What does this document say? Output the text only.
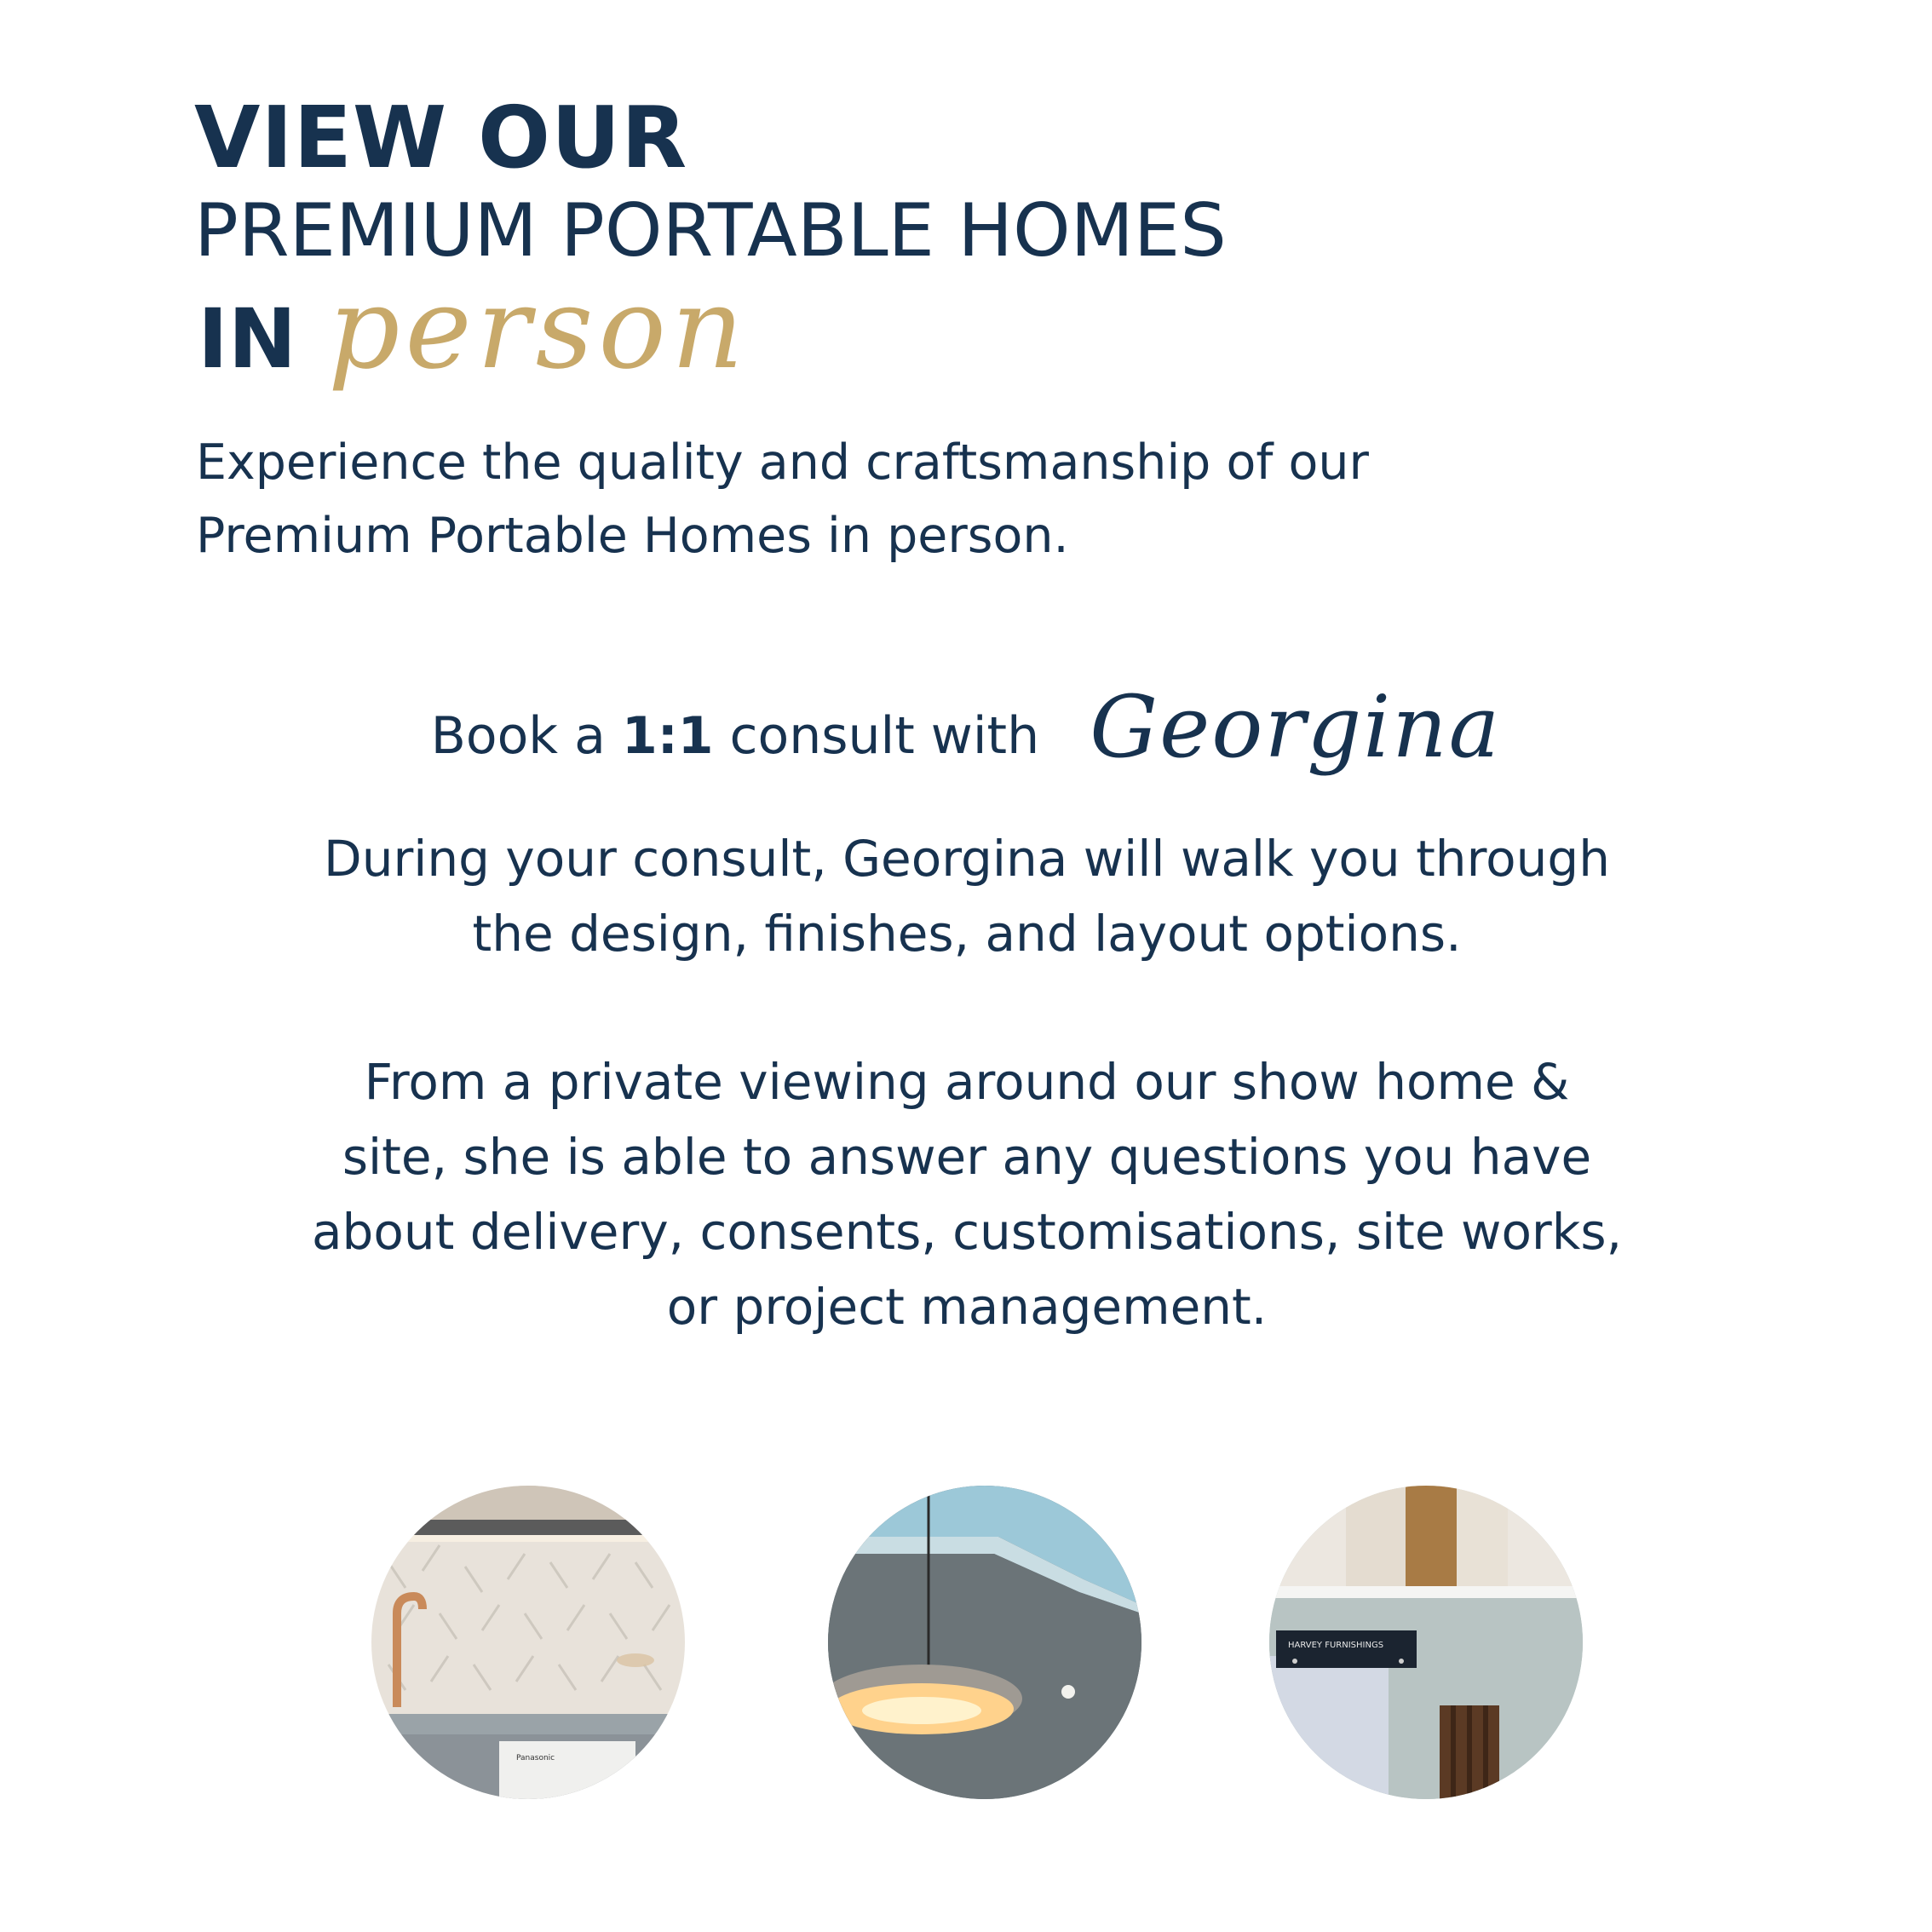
VIEW OUR
PREMIUM PORTABLE HOMES
IN person

Experience the quality and craftsmanship of our Premium Portable Homes in person.

Book a 1:1 consult with Georgina

During your consult, Georgina will walk you through the design, finishes, and layout options.

From a private viewing around our show home & site, she is able to answer any questions you have about delivery, consents, customisations, site works, or project management.

Panasonic
HARVEY FURNISHINGS
